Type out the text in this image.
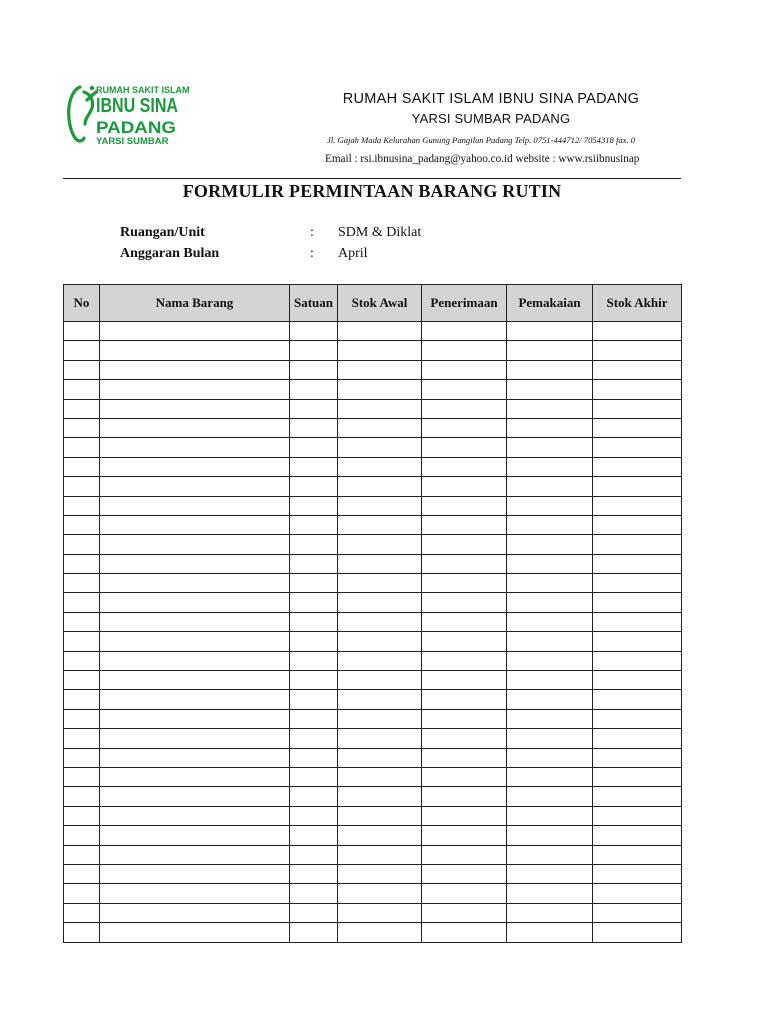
RUMAH SAKIT ISLAM
IBNU SINA
PADANG
YARSI SUMBAR
RUMAH SAKIT ISLAM IBNU SINA PADANG
YARSI SUMBAR PADANG
Jl. Gajah Mada Kelurahan Gunung Pangilun Padang Telp. 0751-444712/ 7054318 fax. 0
Email : rsi.ibnusina_padang@yahoo.co.id website : www.rsiibnusinap
FORMULIR PERMINTAAN BARANG RUTIN
Ruangan/Unit	: SDM & Diklat
Anggaran Bulan	: April
No	Nama Barang	Satuan	Stok Awal	Penerimaan	Pemakaian	Stok Akhir
